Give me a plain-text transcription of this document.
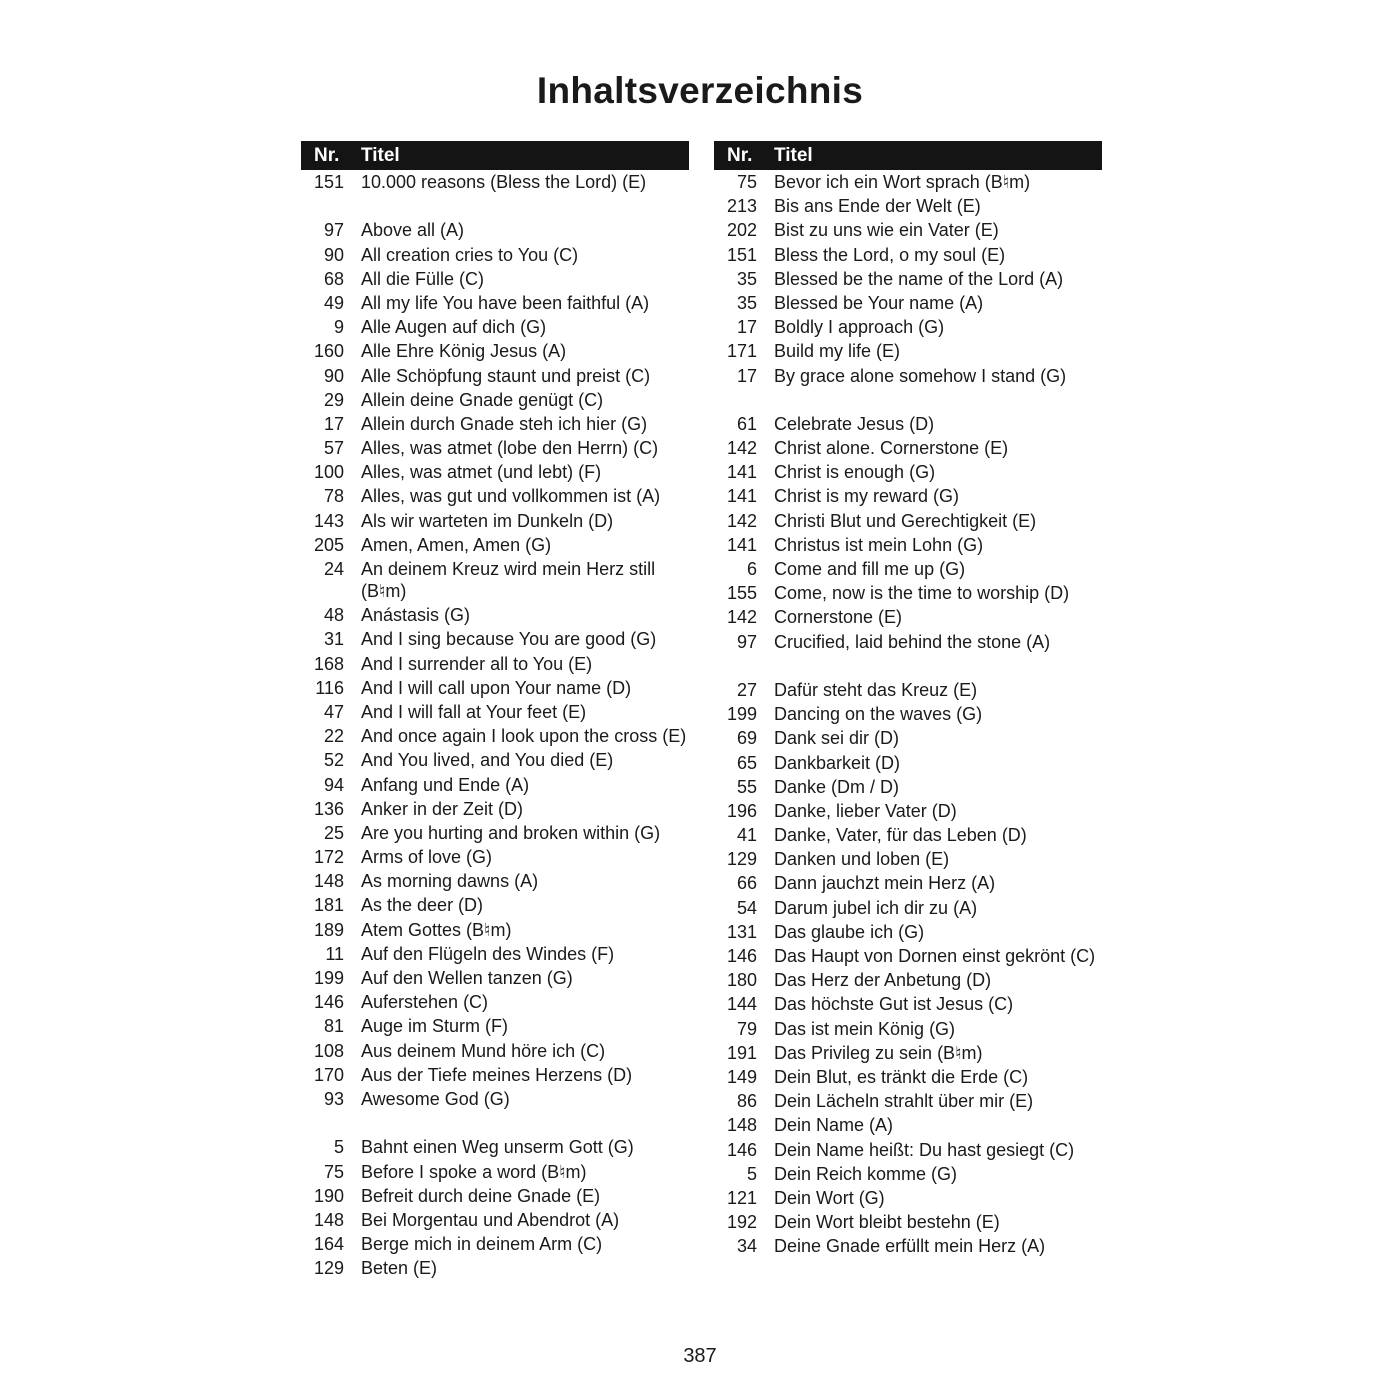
Inhaltsverzeichnis
Nr.	Titel
151 10.000 reasons (Bless the Lord) (E)
97 Above all (A)
90 All creation cries to You (C)
68 All die Fülle (C)
49 All my life You have been faithful (A)
9 Alle Augen auf dich (G)
160 Alle Ehre König Jesus (A)
90 Alle Schöpfung staunt und preist (C)
29 Allein deine Gnade genügt (C)
17 Allein durch Gnade steh ich hier (G)
57 Alles, was atmet (lobe den Herrn) (C)
100 Alles, was atmet (und lebt) (F)
78 Alles, was gut und vollkommen ist (A)
143 Als wir warteten im Dunkeln (D)
205 Amen, Amen, Amen (G)
24 An deinem Kreuz wird mein Herz still (B♮m)
48 Anástasis (G)
31 And I sing because You are good (G)
168 And I surrender all to You (E)
116 And I will call upon Your name (D)
47 And I will fall at Your feet (E)
22 And once again I look upon the cross (E)
52 And You lived, and You died (E)
94 Anfang und Ende (A)
136 Anker in der Zeit (D)
25 Are you hurting and broken within (G)
172 Arms of love (G)
148 As morning dawns (A)
181 As the deer (D)
189 Atem Gottes (B♮m)
11 Auf den Flügeln des Windes (F)
199 Auf den Wellen tanzen (G)
146 Auferstehen (C)
81 Auge im Sturm (F)
108 Aus deinem Mund höre ich (C)
170 Aus der Tiefe meines Herzens (D)
93 Awesome God (G)
5 Bahnt einen Weg unserm Gott (G)
75 Before I spoke a word (B♮m)
190 Befreit durch deine Gnade (E)
148 Bei Morgentau und Abendrot (A)
164 Berge mich in deinem Arm (C)
129 Beten (E)
Nr.	Titel
75 Bevor ich ein Wort sprach (B♮m)
213 Bis ans Ende der Welt (E)
202 Bist zu uns wie ein Vater (E)
151 Bless the Lord, o my soul (E)
35 Blessed be the name of the Lord (A)
35 Blessed be Your name (A)
17 Boldly I approach (G)
171 Build my life (E)
17 By grace alone somehow I stand (G)
61 Celebrate Jesus (D)
142 Christ alone. Cornerstone (E)
141 Christ is enough (G)
141 Christ is my reward (G)
142 Christi Blut und Gerechtigkeit (E)
141 Christus ist mein Lohn (G)
6 Come and fill me up (G)
155 Come, now is the time to worship (D)
142 Cornerstone (E)
97 Crucified, laid behind the stone (A)
27 Dafür steht das Kreuz (E)
199 Dancing on the waves (G)
69 Dank sei dir (D)
65 Dankbarkeit (D)
55 Danke (Dm / D)
196 Danke, lieber Vater (D)
41 Danke, Vater, für das Leben (D)
129 Danken und loben (E)
66 Dann jauchzt mein Herz (A)
54 Darum jubel ich dir zu (A)
131 Das glaube ich (G)
146 Das Haupt von Dornen einst gekrönt (C)
180 Das Herz der Anbetung (D)
144 Das höchste Gut ist Jesus (C)
79 Das ist mein König (G)
191 Das Privileg zu sein (B♮m)
149 Dein Blut, es tränkt die Erde (C)
86 Dein Lächeln strahlt über mir (E)
148 Dein Name (A)
146 Dein Name heißt: Du hast gesiegt (C)
5 Dein Reich komme (G)
121 Dein Wort (G)
192 Dein Wort bleibt bestehn (E)
34 Deine Gnade erfüllt mein Herz (A)
387
